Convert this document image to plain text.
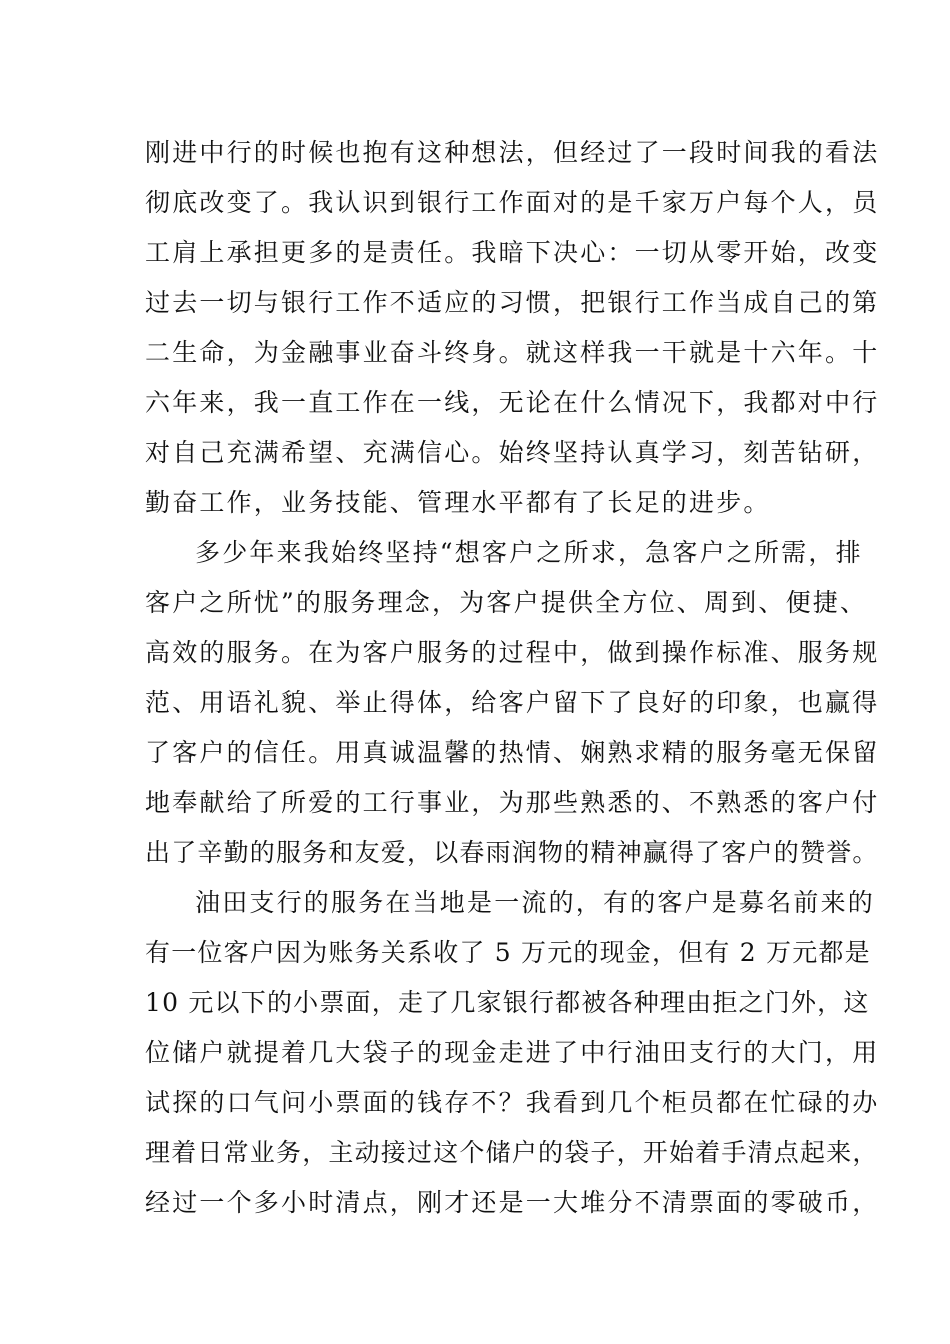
刚进中行的时候也抱有这种想法，但经过了一段时间我的看法
彻底改变了。我认识到银行工作面对的是千家万户每个人，员
工肩上承担更多的是责任。我暗下决心：一切从零开始，改变
过去一切与银行工作不适应的习惯，把银行工作当成自己的第
二生命，为金融事业奋斗终身。就这样我一干就是十六年。十
六年来，我一直工作在一线，无论在什么情况下，我都对中行
对自己充满希望、充满信心。始终坚持认真学习，刻苦钻研，
勤奋工作，业务技能、管理水平都有了长足的进步。
多少年来我始终坚持“想客户之所求，急客户之所需，排
客户之所忧”的服务理念，为客户提供全方位、周到、便捷、
高效的服务。在为客户服务的过程中，做到操作标准、服务规
范、用语礼貌、举止得体，给客户留下了良好的印象，也赢得
了客户的信任。用真诚温馨的热情、娴熟求精的服务毫无保留
地奉献给了所爱的工行事业，为那些熟悉的、不熟悉的客户付
出了辛勤的服务和友爱，以春雨润物的精神赢得了客户的赞誉。
油田支行的服务在当地是一流的，有的客户是募名前来的
有一位客户因为账务关系收了 5 万元的现金，但有 2 万元都是
10 元以下的小票面，走了几家银行都被各种理由拒之门外，这
位储户就提着几大袋子的现金走进了中行油田支行的大门，用
试探的口气问小票面的钱存不？我看到几个柜员都在忙碌的办
理着日常业务，主动接过这个储户的袋子，开始着手清点起来，
经过一个多小时清点，刚才还是一大堆分不清票面的零破币，
